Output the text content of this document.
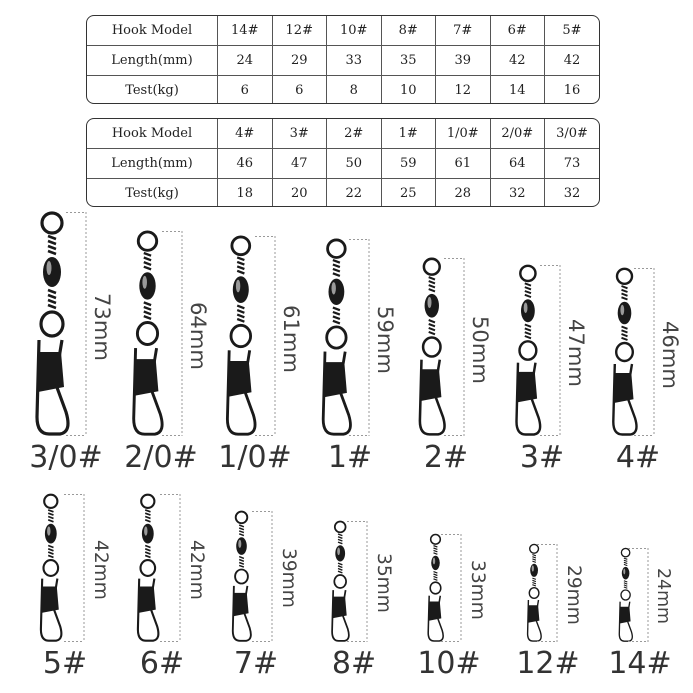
Hook Model	14#	12#	10#	8#	7#	6#	5#
Length(mm)	24	29	33	35	39	42	42
Test(kg)	6	6	8	10	12	14	16
Hook Model	4#	3#	2#	1#	1/0#	2/0#	3/0#
Length(mm)	46	47	50	59	61	64	73
Test(kg)	18	20	22	25	28	32	32
73mm
3/0#
64mm
2/0#
61mm
1/0#
59mm
1#
50mm
2#
47mm
3#
46mm
4#
42mm
5#
42mm
6#
39mm
7#
35mm
8#
33mm
10#
29mm
12#
24mm
14#
